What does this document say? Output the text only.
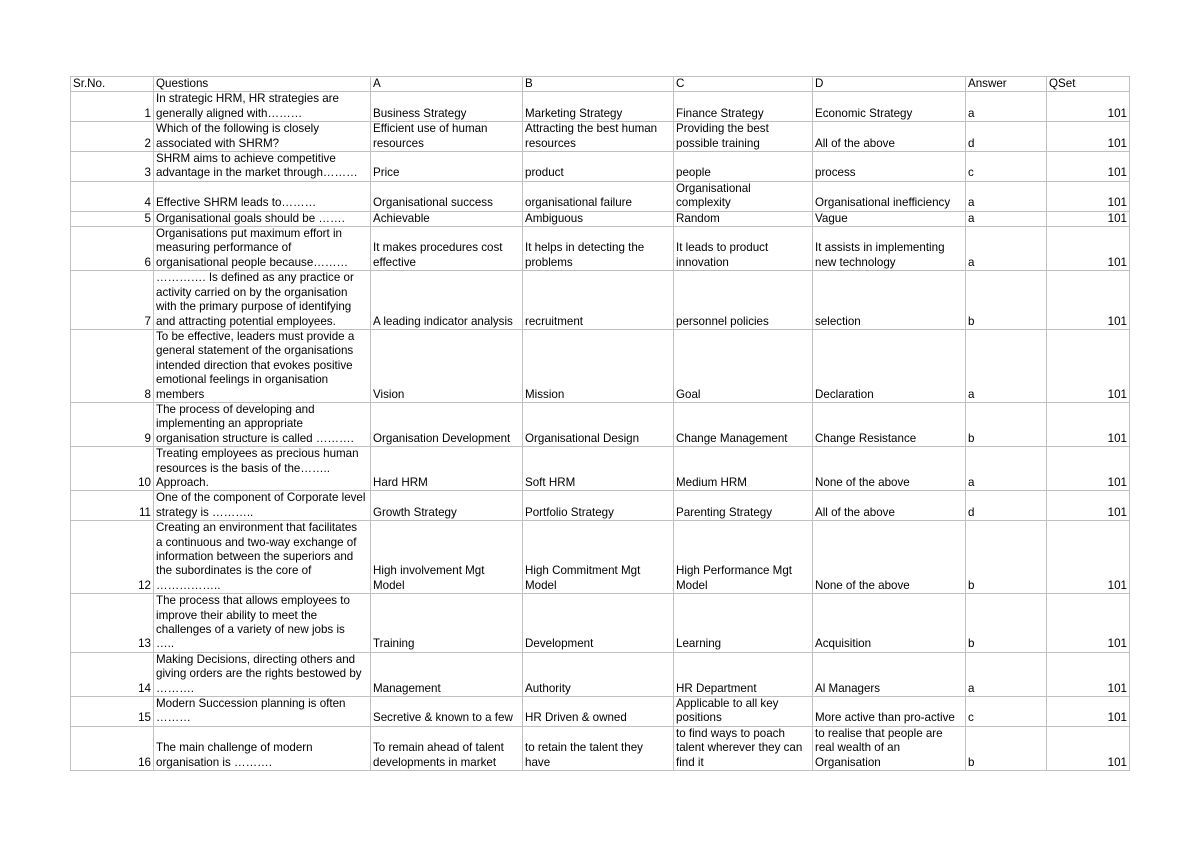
Sr.No.	Questions	A	B	C	D	Answer	QSet
1	In strategic HRM, HR strategies are
generally aligned with………	Business Strategy	Marketing Strategy	Finance Strategy	Economic Strategy	a	101
2	Which of the following is closely
associated with SHRM?	Efficient use of human
resources	Attracting the best human
resources	Providing the best
possible training	All of the above	d	101
3	SHRM aims to achieve competitive
advantage in the market through………	Price	product	people	process	c	101
4	Effective SHRM leads to………	Organisational success	organisational failure	Organisational
complexity	Organisational inefficiency	a	101
5	Organisational goals should be …….	Achievable	Ambiguous	Random	Vague	a	101
6	Organisations put maximum effort in
measuring performance of
organisational people because………	It makes procedures cost
effective	It helps in detecting the
problems	It leads to product
innovation	It assists in implementing
new technology	a	101
7	…………. Is defined as any practice or
activity carried on by the organisation
with the primary purpose of identifying
and attracting potential employees.	A leading indicator analysis	recruitment	personnel policies	selection	b	101
8	To be effective, leaders must provide a
general statement of the organisations
intended direction that evokes positive
emotional feelings in organisation
members	Vision	Mission	Goal	Declaration	a	101
9	The process of developing and
implementing an appropriate
organisation structure is called ……….	Organisation Development	Organisational Design	Change Management	Change Resistance	b	101
10	Treating employees as precious human
resources is the basis of the……..
Approach.	Hard HRM	Soft HRM	Medium HRM	None of the above	a	101
11	One of the component of Corporate level
strategy is ………..	Growth Strategy	Portfolio Strategy	Parenting Strategy	All of the above	d	101
12	Creating an environment that facilitates
a continuous and two-way exchange of
information between the superiors and
the subordinates is the core of
……………..	High involvement Mgt
Model	High Commitment Mgt
Model	High Performance Mgt
Model	None of the above	b	101
13	The process that allows employees to
improve their ability to meet the
challenges of a variety of new jobs is
…..	Training	Development	Learning	Acquisition	b	101
14	Making Decisions, directing others and
giving orders are the rights bestowed by
……….	Management	Authority	HR Department	Al Managers	a	101
15	Modern Succession planning is often
………	Secretive & known to a few	HR Driven & owned	Applicable to all key
positions	More active than pro-active	c	101
16	The main challenge of modern
organisation is ……….	To remain ahead of talent
developments in market	to retain the talent they
have	to find ways to poach
talent wherever they can
find it	to realise that people are
real wealth of an
Organisation	b	101
